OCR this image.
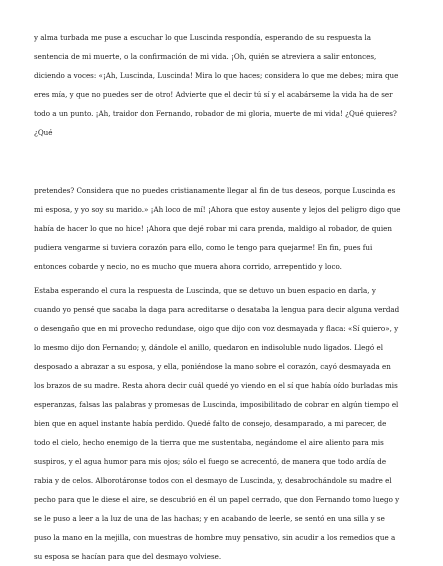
y alma turbada me puse a escuchar lo que Luscinda respondía, esperando de su respuesta la sentencia de mi muerte, o la confirmación de mi vida. ¡Oh, quién se atreviera a salir entonces, diciendo a voces: «¡Ah, Luscinda, Luscinda! Mira lo que haces; considera lo que me debes; mira que eres mía, y que no puedes ser de otro! Advierte que el decir tú sí y el acabárseme la vida ha de ser todo a un punto. ¡Ah, traidor don Fernando, robador de mi gloria, muerte de mi vida! ¿Qué quieres? ¿Qué

pretendes? Considera que no puedes cristianamente llegar al fin de tus deseos, porque Luscinda es mi esposa, y yo soy su marido.» ¡Ah loco de mí! ¡Ahora que estoy ausente y lejos del peligro digo que había de hacer lo que no hice! ¡Ahora que dejé robar mi cara prenda, maldigo al robador, de quien pudiera vengarme si tuviera corazón para ello, como le tengo para quejarme! En fin, pues fui entonces cobarde y necio, no es mucho que muera ahora corrido, arrepentido y loco.

Estaba esperando el cura la respuesta de Luscinda, que se detuvo un buen espacio en darla, y cuando yo pensé que sacaba la daga para acreditarse o desataba la lengua para decir alguna verdad o desengaño que en mi provecho redundase, oigo que dijo con voz desmayada y flaca: «Sí quiero», y lo mesmo dijo don Fernando; y, dándole el anillo, quedaron en indisoluble nudo ligados. Llegó el desposado a abrazar a su esposa, y ella, poniéndose la mano sobre el corazón, cayó desmayada en los brazos de su madre. Resta ahora decir cuál quedé yo viendo en el sí que había oído burladas mis esperanzas, falsas las palabras y promesas de Luscinda, imposibilitado de cobrar en algún tiempo el bien que en aquel instante había perdido. Quedé falto de consejo, desamparado, a mi parecer, de todo el cielo, hecho enemigo de la tierra que me sustentaba, negándome el aire aliento para mis suspiros, y el agua humor para mis ojos; sólo el fuego se acrecentó, de manera que todo ardía de rabia y de celos. Alborotáronse todos con el desmayo de Luscinda, y, desabrochándole su madre el pecho para que le diese el aire, se descubrió en él un papel cerrado, que don Fernando tomo luego y se le puso a leer a la luz de una de las hachas; y en acabando de leerle, se sentó en una silla y se puso la mano en la mejilla, con muestras de hombre muy pensativo, sin acudir a los remedios que a su esposa se hacían para que del desmayo volviese.
